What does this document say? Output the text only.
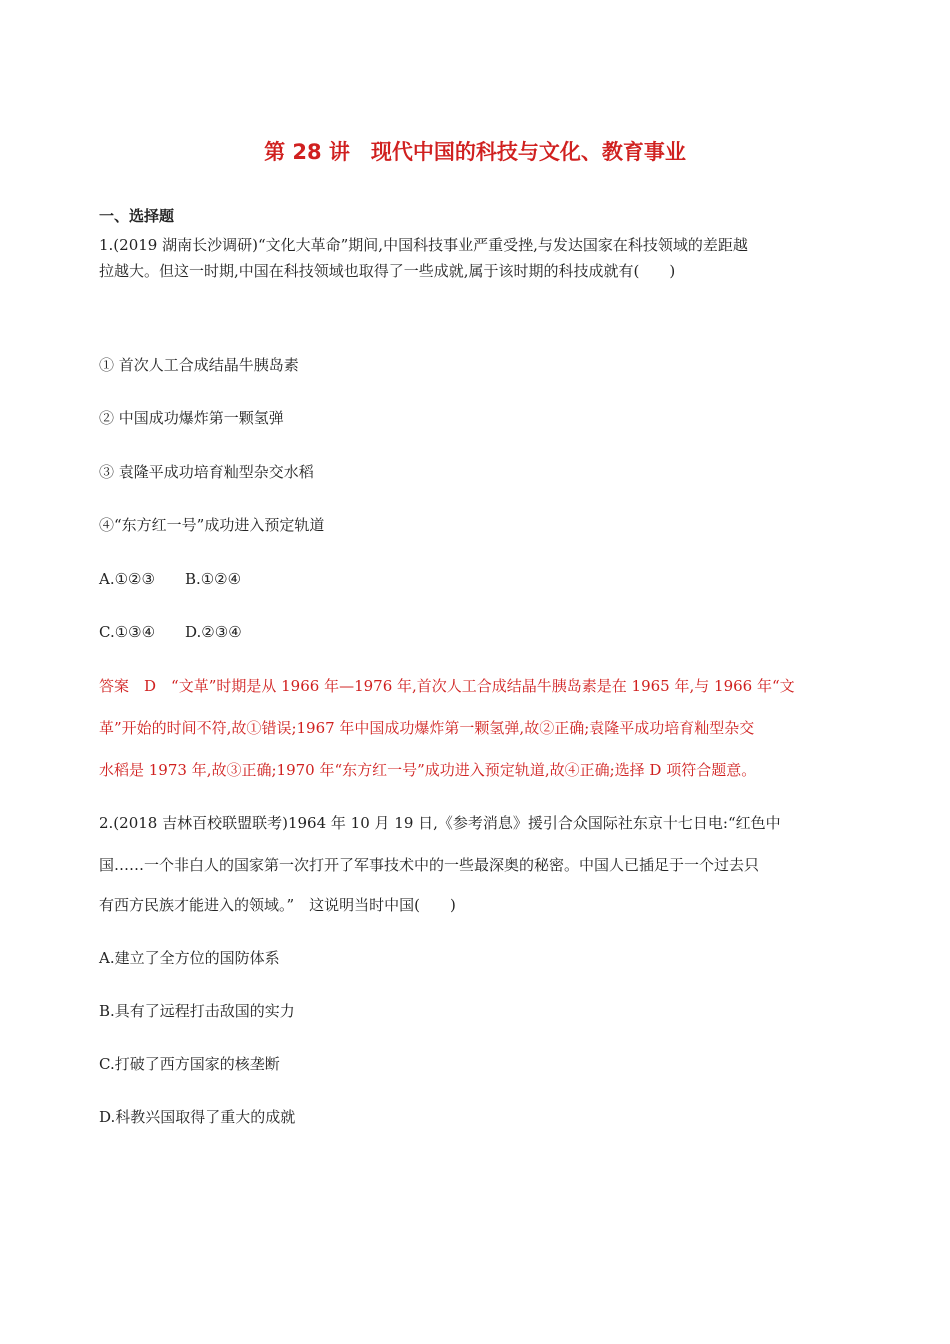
第 28 讲　现代中国的科技与文化、教育事业
一、选择题
1.(2019 湖南长沙调研)“文化大革命”期间,中国科技事业严重受挫,与发达国家在科技领域的差距越
拉越大。但这一时期,中国在科技领域也取得了一些成就,属于该时期的科技成就有(　　)
① 首次人工合成结晶牛胰岛素
② 中国成功爆炸第一颗氢弹
③ 袁隆平成功培育籼型杂交水稻
④“东方红一号”成功进入预定轨道
A.①②③　　B.①②④
C.①③④　　D.②③④
答案　D　“文革”时期是从 1966 年—1976 年,首次人工合成结晶牛胰岛素是在 1965 年,与 1966 年“文
革”开始的时间不符,故①错误;1967 年中国成功爆炸第一颗氢弹,故②正确;袁隆平成功培育籼型杂交
水稻是 1973 年,故③正确;1970 年“东方红一号”成功进入预定轨道,故④正确;选择 D 项符合题意。
2.(2018 吉林百校联盟联考)1964 年 10 月 19 日,《参考消息》援引合众国际社东京十七日电:“红色中
国……一个非白人的国家第一次打开了军事技术中的一些最深奥的秘密。中国人已插足于一个过去只
有西方民族才能进入的领域。”　这说明当时中国(　　)
A.建立了全方位的国防体系
B.具有了远程打击敌国的实力
C.打破了西方国家的核垄断
D.科教兴国取得了重大的成就
